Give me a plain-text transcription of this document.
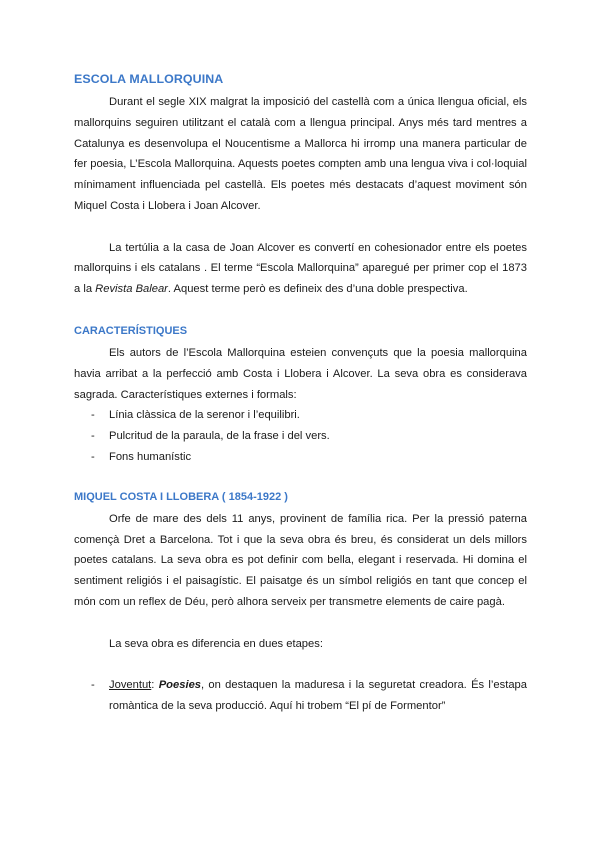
ESCOLA MALLORQUINA

Durant el segle XIX malgrat la imposició del castellà com a única llengua oficial, els mallorquins seguiren utilitzant el català com a llengua principal. Anys més tard mentres a Catalunya es desenvolupa el Noucentisme a Mallorca hi irromp una manera particular de fer poesia, L’Escola Mallorquina. Aquests poetes compten amb una lengua viva i col·loquial mínimament influenciada pel castellà. Els poetes més destacats d’aquest moviment són Miquel Costa i Llobera i Joan Alcover.

La tertúlia a la casa de Joan Alcover es convertí en cohesionador entre els poetes mallorquins i els catalans . El terme “Escola Mallorquina” aparegué per primer cop el 1873 a la Revista Balear. Aquest terme però es defineix des d’una doble prespectiva.

CARACTERÍSTIQUES

Els autors de l’Escola Mallorquina esteien convençuts que la poesia mallorquina havia arribat a la perfecció amb Costa i Llobera i Alcover. La seva obra es considerava sagrada. Característiques externes i formals:

- Línia clàssica de la serenor i l’equilibri.
- Pulcritud de la paraula, de la frase i del vers.
- Fons humanístic
MIQUEL COSTA I LLOBERA ( 1854-1922 )

Orfe de mare des dels 11 anys, provinent de família rica. Per la pressió paterna començà Dret a Barcelona. Tot i que la seva obra és breu, és considerat un dels millors poetes catalans. La seva obra es pot definir com bella, elegant i reservada. Hi domina el sentiment religiós i el paisagístic. El paisatge és un símbol religiós en tant que concep el món com un reflex de Déu, però alhora serveix per transmetre elements de caire pagà.

La seva obra es diferencia en dues etapes:

- Joventut: Poesies, on destaquen la maduresa i la seguretat creadora. És l’estapa romàntica de la seva producció. Aquí hi trobem “El pí de Formentor”
